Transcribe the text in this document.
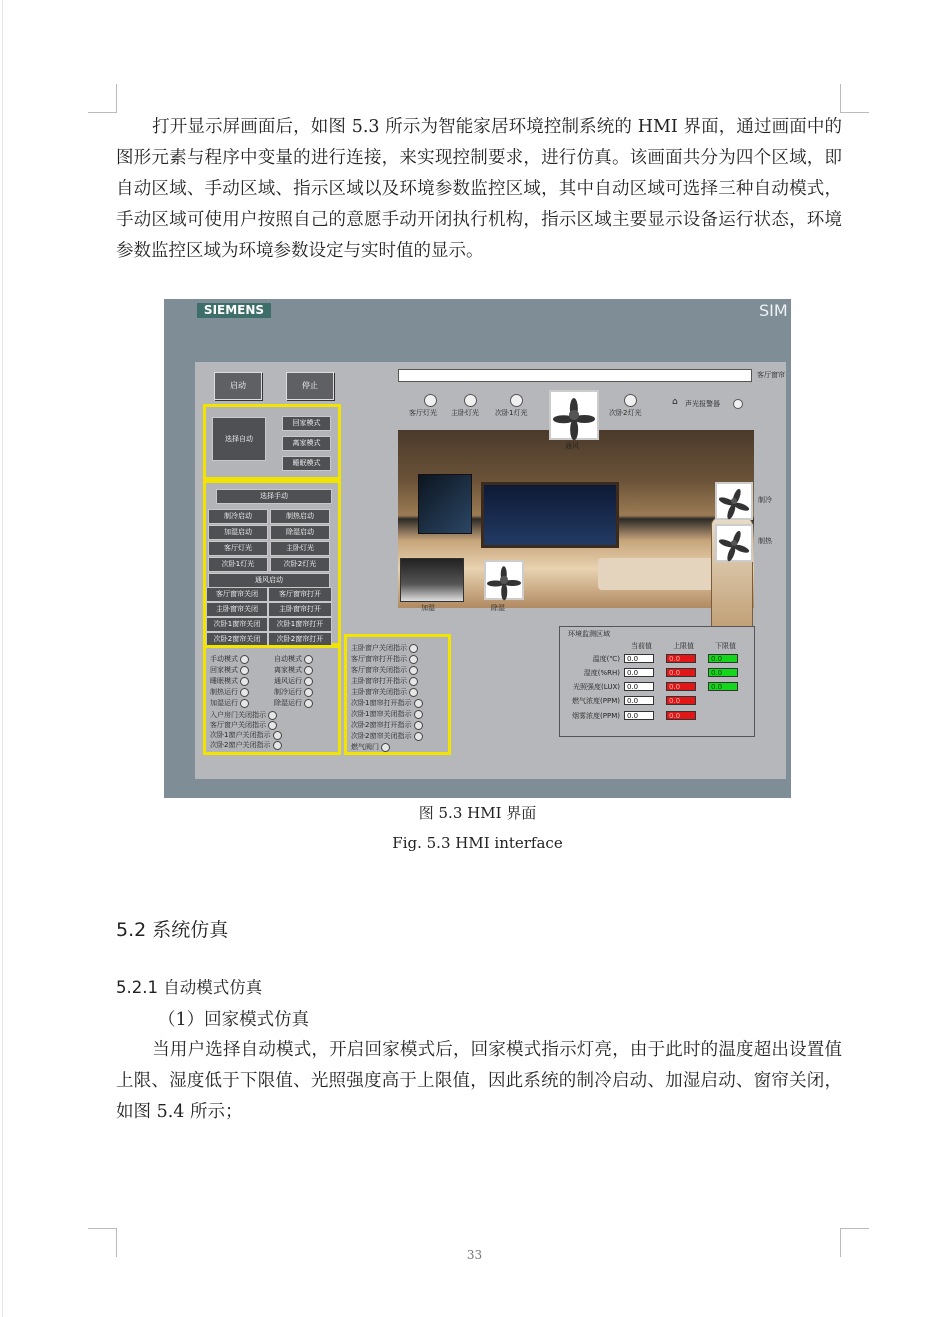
打开显示屏画面后，如图 5.3 所示为智能家居环境控制系统的 HMI 界面，通过画面中的图形元素与程序中变量的进行连接，来实现控制要求，进行仿真。该画面共分为四个区域，即自动区域、手动区域、指示区域以及环境参数监控区域，其中自动区域可选择三种自动模式，手动区域可使用户按照自己的意愿手动开闭执行机构，指示区域主要显示设备运行状态，环境参数监控区域为环境参数设定与实时值的显示。
SIEMENS	SIM
启动	停止
选择自动
回家模式
离家模式
睡眠模式
选择手动
制冷启动	制热启动
加湿启动	除湿启动
客厅灯光	主卧灯光
次卧1灯光	次卧2灯光
通风启动
客厅窗帘关闭	客厅窗帘打开
主卧窗帘关闭	主卧窗帘打开
次卧1窗帘关闭	次卧1窗帘打开
次卧2窗帘关闭	次卧2窗帘打开
手动模式	自动模式
回家模式	离家模式
睡眠模式	通风运行
制热运行	制冷运行
加湿运行	除湿运行
入户房门关闭指示
客厅窗户关闭指示
次卧1窗户关闭指示
次卧2窗户关闭指示
主卧窗户关闭指示
客厅窗帘打开指示
客厅窗帘关闭指示
主卧窗帘打开指示
主卧窗帘关闭指示
次卧1窗帘打开指示
次卧1窗帘关闭指示
次卧2窗帘打开指示
次卧2窗帘关闭指示
燃气阀门
客厅窗帘
客厅灯光 主卧灯光 次卧1灯光	次卧2灯光
通风
⌂ 声光报警器
制冷
制热
加湿	除湿
环境监测区域
当前值	上限值	下限值
温度(℃)	0.0	0.0	0.0
湿度(%RH)	0.0	0.0	0.0
光照强度(LUX)	0.0	0.0	0.0
燃气浓度(PPM)	0.0	0.0
烟雾浓度(PPM)	0.0	0.0
图 5.3 HMI 界面
Fig. 5.3 HMI interface
5.2 系统仿真
5.2.1 自动模式仿真
（1）回家模式仿真
当用户选择自动模式，开启回家模式后，回家模式指示灯亮，由于此时的温度超出设置值上限、湿度低于下限值、光照强度高于上限值，因此系统的制冷启动、加湿启动、窗帘关闭，如图 5.4 所示；
33
